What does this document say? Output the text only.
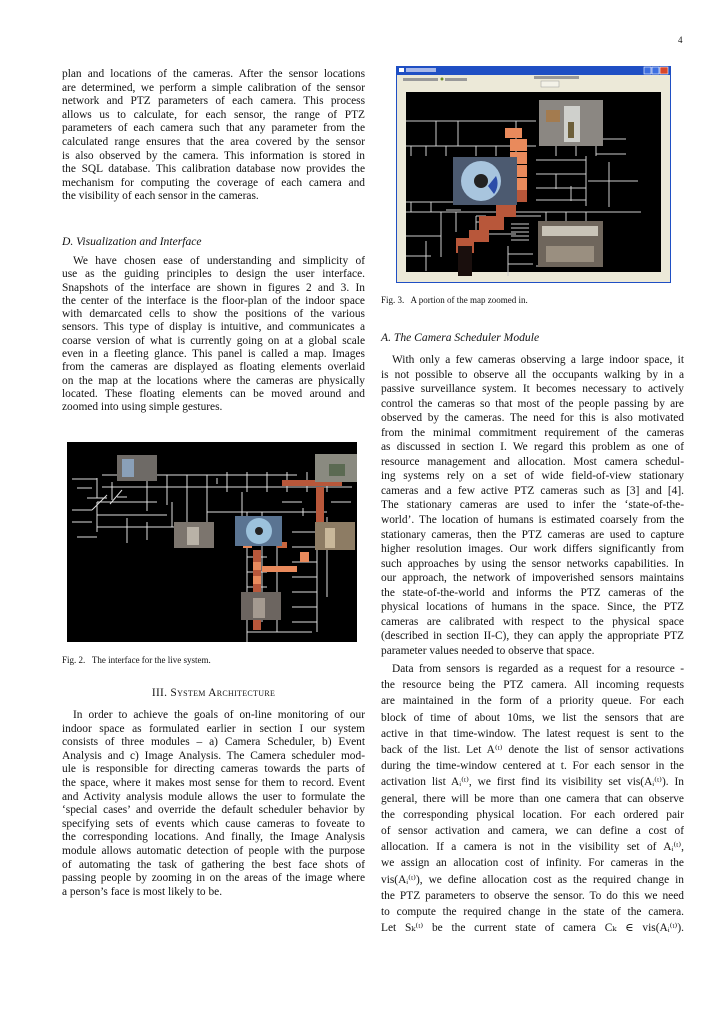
4
plan and locations of the cameras. After the sensor locations
are determined, we perform a simple calibration of the sensor
network and PTZ parameters of each camera. This process
allows us to calculate, for each sensor, the range of PTZ
parameters of each camera such that any parameter from the
calculated range ensures that the area covered by the sensor
is also observed by the camera. This information is stored in
the SQL database. This calibration database now provides the
mechanism for computing the coverage of each camera and
the visibility of each sensor in the cameras.
D. Visualization and Interface
We have chosen ease of understanding and simplicity of
use as the guiding principles to design the user interface.
Snapshots of the interface are shown in figures 2 and 3. In
the center of the interface is the floor-plan of the indoor space
with demarcated cells to show the positions of the various
sensors. This type of display is intuitive, and communicates a
coarse version of what is currently going on at a global scale
even in a fleeting glance. This panel is called a map. Images
from the cameras are displayed as floating elements overlaid
on the map at the locations where the cameras are physically
located. These floating elements can be moved around and
zoomed into using simple gestures.
Fig. 2.   The interface for the live system.
III. System Architecture
In order to achieve the goals of on-line monitoring of our
indoor space as formulated earlier in section I our system
consists of three modules – a) Camera Scheduler, b) Event
Analysis and c) Image Analysis. The Camera scheduler mod-
ule is responsible for directing cameras towards the parts of
the space, where it makes most sense for them to record. Event
and Activity analysis module allows the user to formulate the
‘special cases’ and override the default scheduler behavior by
specifying sets of events which cause cameras to foveate to
the corresponding locations. And finally, the Image Analysis
module allows automatic detection of people with the purpose
of automating the task of gathering the best face shots of
passing people by zooming in on the areas of the image where
a person’s face is most likely to be.
Fig. 3.   A portion of the map zoomed in.
A. The Camera Scheduler Module
With only a few cameras observing a large indoor space, it
is not possible to observe all the occupants walking by in a
passive surveillance system. It becomes necessary to actively
control the cameras so that most of the people passing by are
observed by the cameras. The need for this is also motivated
from the minimal commitment requirement of the cameras
as discussed in section I. We regard this problem as one of
resource management and allocation. Most camera schedul-
ing systems rely on a set of wide field-of-view stationary
cameras and a few active PTZ cameras such as [3] and [4].
The stationary cameras are used to infer the ‘state-of-the-
world’. The location of humans is estimated coarsely from the
stationary cameras, then the PTZ cameras are used to capture
higher resolution images. Our work differs significantly from
such approaches by using the sensor networks capabilities. In
our approach, the network of impoverished sensors maintains
the state-of-the-world and informs the PTZ cameras of the
physical locations of humans in the space. Since, the PTZ
cameras are calibrated with respect to the physical space
(described in section II-C), they can apply the appropriate PTZ
parameter values needed to observe that space.
Data from sensors is regarded as a request for a resource -
the resource being the PTZ camera. All incoming requests
are maintained in the form of a priority queue. For each
block of time of about 10ms, we list the sensors that are
active in that time-window. The latest request is sent to the
back of the list. Let A⁽ᵗ⁾ denote the list of sensor activations
during the time-window centered at t. For each sensor in the
activation list Aᵢ⁽ᵗ⁾, we first find its visibility set vis(Aᵢ⁽ᵗ⁾). In
general, there will be more than one camera that can observe
the corresponding physical location. For each ordered pair
of sensor activation and camera, we can define a cost of
allocation. If a camera is not in the visibility set of Aᵢ⁽ᵗ⁾,
we assign an allocation cost of infinity. For cameras in the
vis(Aᵢ⁽ᵗ⁾), we define allocation cost as the required change in
the PTZ parameters to observe the sensor. To do this we need
to compute the required change in the state of the camera.
Let Sₖ⁽ᵗ⁾ be the current state of camera Cₖ ∈ vis(Aᵢ⁽ᵗ⁾).
